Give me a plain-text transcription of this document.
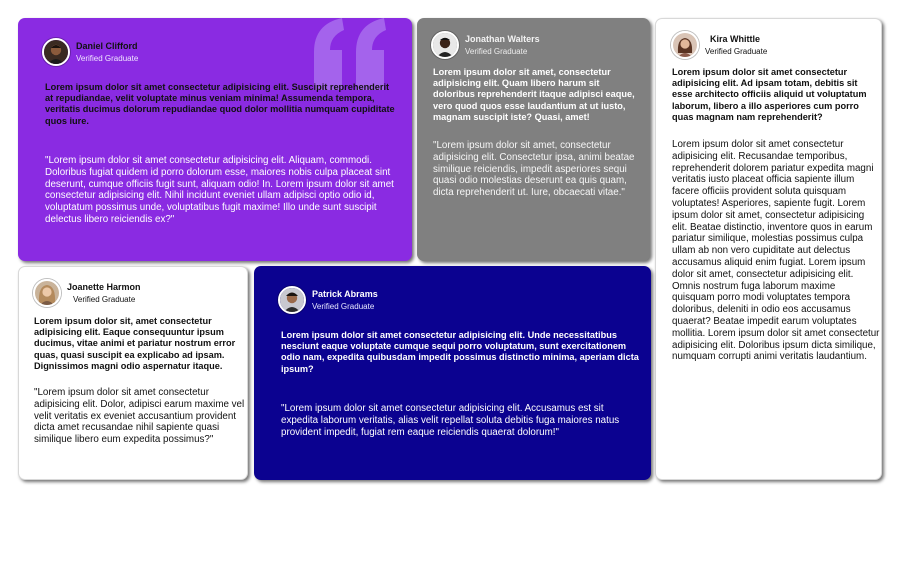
Daniel Clifford
Verified Graduate

Lorem ipsum dolor sit amet consectetur adipisicing elit. Suscipit reprehenderit at repudiandae, velit voluptate minus veniam minima! Assumenda tempora, veritatis ducimus dolorum repudiandae quod dolor mollitia numquam cupiditate quos iure.

"Lorem ipsum dolor sit amet consectetur adipisicing elit. Aliquam, commodi. Doloribus fugiat quidem id porro dolorum esse, maiores nobis culpa placeat sint deserunt, cumque officiis fugit sunt, aliquam odio! In. Lorem ipsum dolor sit amet consectetur adipisicing elit. Nihil incidunt eveniet ullam adipisci optio odio id, voluptatum possimus unde, voluptatibus fugit maxime! Illo unde sunt suscipit delectus libero reiciendis ex?"

Jonathan Walters
Verified Graduate

Lorem ipsum dolor sit amet, consectetur adipisicing elit. Quam libero harum sit doloribus reprehenderit itaque adipisci eaque, vero quod quos esse laudantium at ut iusto, magnam suscipit iste? Quasi, amet!

"Lorem ipsum dolor sit amet, consectetur adipisicing elit. Consectetur ipsa, animi beatae similique reiciendis, impedit asperiores sequi quasi odio molestias deserunt ea quis quam, dicta reprehenderit ut. Iure, obcaecati vitae."

Kira Whittle
Verified Graduate

Lorem ipsum dolor sit amet consectetur adipisicing elit. Ad ipsam totam, debitis sit esse architecto officiis aliquid ut voluptatum laborum, libero a illo asperiores cum porro quas magnam nam reprehenderit?

Lorem ipsum dolor sit amet consectetur adipisicing elit. Recusandae temporibus, reprehenderit dolorem pariatur expedita magni veritatis iusto placeat officia sapiente illum facere officiis provident soluta quisquam voluptates! Asperiores, sapiente fugit. Lorem ipsum dolor sit amet, consectetur adipisicing elit. Beatae distinctio, inventore quos in earum pariatur similique, molestias possimus culpa ullam ab non vero cupiditate aut delectus accusamus aliquid enim fugiat. Lorem ipsum dolor sit amet, consectetur adipisicing elit. Omnis nostrum fuga laborum maxime quisquam porro modi voluptates tempora doloribus, deleniti in odio eos accusamus quaerat? Beatae impedit earum voluptates mollitia. Lorem ipsum dolor sit amet consectetur adipisicing elit. Doloribus ipsum dicta similique, numquam corrupti animi veritatis laudantium.

Joanette Harmon
Verified Graduate

Lorem ipsum dolor sit, amet consectetur adipisicing elit. Eaque consequuntur ipsum ducimus, vitae animi et pariatur nostrum error quas, quasi suscipit ea explicabo ad ipsam. Dignissimos magni odio aspernatur itaque.

"Lorem ipsum dolor sit amet consectetur adipisicing elit. Dolor, adipisci earum maxime vel velit veritatis ex eveniet accusantium provident dicta amet recusandae nihil sapiente quasi similique libero eum expedita possimus?"

Patrick Abrams
Verified Graduate

Lorem ipsum dolor sit amet consectetur adipisicing elit. Unde necessitatibus nesciunt eaque voluptate cumque sequi porro voluptatum, sunt exercitationem odio nam, expedita quibusdam impedit possimus distinctio minima, aperiam dicta ipsum?

"Lorem ipsum dolor sit amet consectetur adipisicing elit. Accusamus est sit expedita laborum veritatis, alias velit repellat soluta debitis fuga maiores natus provident impedit, fugiat rem eaque reiciendis quaerat dolorum!"
